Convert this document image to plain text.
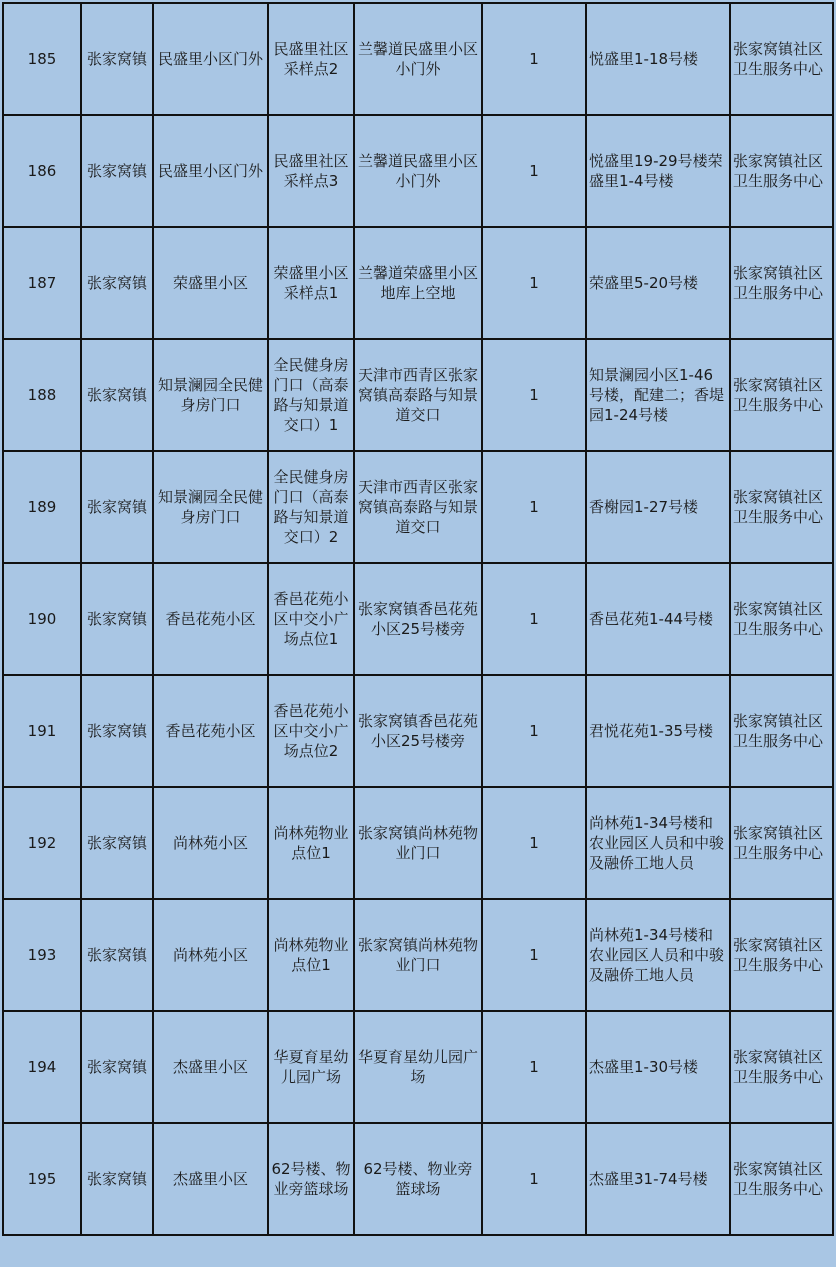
185	张家窝镇	民盛里小区门外	民盛里社区采样点2	兰馨道民盛里小区小门外	1	悦盛里1-18号楼	张家窝镇社区卫生服务中心
186	张家窝镇	民盛里小区门外	民盛里社区采样点3	兰馨道民盛里小区小门外	1	悦盛里19-29号楼荣盛里1-4号楼	张家窝镇社区卫生服务中心
187	张家窝镇	荣盛里小区	荣盛里小区采样点1	兰馨道荣盛里小区地库上空地	1	荣盛里5-20号楼	张家窝镇社区卫生服务中心
188	张家窝镇	知景澜园全民健身房门口	全民健身房门口（高泰路与知景道交口）1	天津市西青区张家窝镇高泰路与知景道交口	1	知景澜园小区1-46号楼，配建二；香堤园1-24号楼	张家窝镇社区卫生服务中心
189	张家窝镇	知景澜园全民健身房门口	全民健身房门口（高泰路与知景道交口）2	天津市西青区张家窝镇高泰路与知景道交口	1	香榭园1-27号楼	张家窝镇社区卫生服务中心
190	张家窝镇	香邑花苑小区	香邑花苑小区中交小广场点位1	张家窝镇香邑花苑小区25号楼旁	1	香邑花苑1-44号楼	张家窝镇社区卫生服务中心
191	张家窝镇	香邑花苑小区	香邑花苑小区中交小广场点位2	张家窝镇香邑花苑小区25号楼旁	1	君悦花苑1-35号楼	张家窝镇社区卫生服务中心
192	张家窝镇	尚林苑小区	尚林苑物业点位1	张家窝镇尚林苑物业门口	1	尚林苑1-34号楼和农业园区人员和中骏及融侨工地人员	张家窝镇社区卫生服务中心
193	张家窝镇	尚林苑小区	尚林苑物业点位1	张家窝镇尚林苑物业门口	1	尚林苑1-34号楼和农业园区人员和中骏及融侨工地人员	张家窝镇社区卫生服务中心
194	张家窝镇	杰盛里小区	华夏育星幼儿园广场	华夏育星幼儿园广场	1	杰盛里1-30号楼	张家窝镇社区卫生服务中心
195	张家窝镇	杰盛里小区	62号楼、物业旁篮球场	62号楼、物业旁篮球场	1	杰盛里31-74号楼	张家窝镇社区卫生服务中心
